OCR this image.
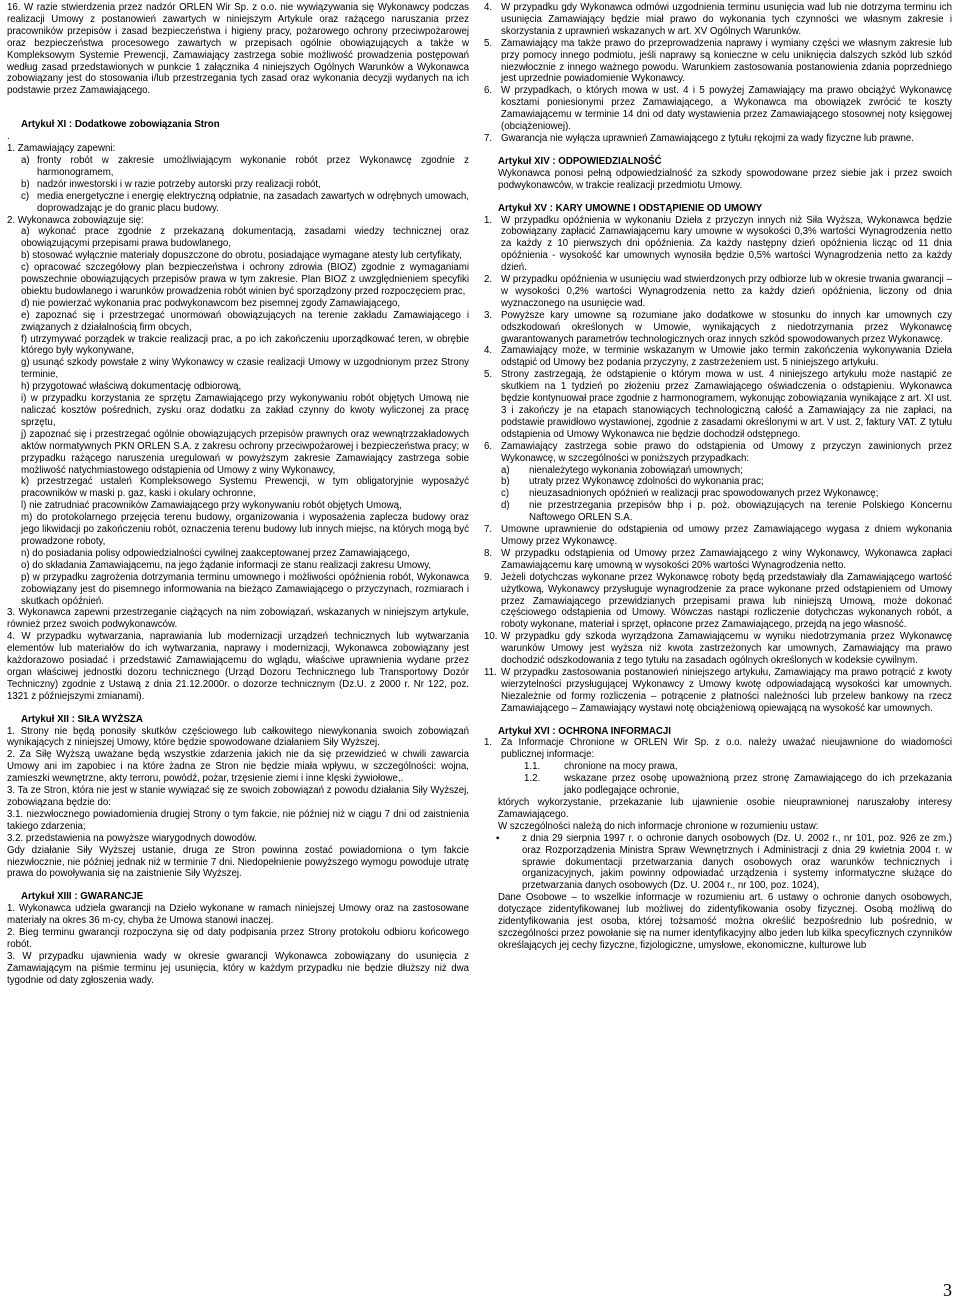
16. W razie stwierdzenia przez nadzór ORLEN Wir Sp. z o.o. nie wywiązywania się Wykonawcy podczas realizacji Umowy z postanowień zawartych w niniejszym Artykule oraz rażącego naruszania przez pracowników przepisów i zasad bezpieczeństwa i higieny pracy, pożarowego ochrony przeciwpożarowej oraz bezpieczeństwa procesowego zawartych w przepisach ogólnie obowiązujących a także w Kompleksowym Systemie Prewencji, Zamawiający zastrzega sobie możliwość prowadzenia postępowań według zasad przedstawionych w punkcie 1 załącznika 4 niniejszych Ogólnych Warunków a Wykonawca zobowiązany jest do stosowania i/lub przestrzegania tych zasad oraz wykonania decyzji wydanych na ich podstawie przez Zamawiającego.

Artykuł XI : Dodatkowe zobowiązania Stron

.

1. Zamawiający zapewni:

a) fronty robót w zakresie umożliwiającym wykonanie robót przez Wykonawcę zgodnie z harmonogramem,
b) nadzór inwestorski i w razie potrzeby autorski przy realizacji robót,
c) media energetyczne i energię elektryczną odpłatnie, na zasadach zawartych w odrębnych umowach, doprowadzając je do granic placu budowy.

2. Wykonawca zobowiązuje się:

a) wykonać prace zgodnie z przekazaną dokumentacją, zasadami wiedzy technicznej oraz obowiązującymi przepisami prawa budowlanego,

b) stosować wyłącznie materiały dopuszczone do obrotu, posiadające wymagane atesty lub certyfikaty,

c) opracować szczegółowy plan bezpieczeństwa i ochrony zdrowia (BIOZ) zgodnie z wymaganiami powszechnie obowiązujących przepisów prawa w tym zakresie. Plan BIOZ z uwzględnieniem specyfiki obiektu budowlanego i warunków prowadzenia robót winien być sporządzony przed rozpoczęciem prac,

d) nie powierzać wykonania prac podwykonawcom bez pisemnej zgody Zamawiającego,

e) zapoznać się i przestrzegać unormowań obowiązujących na terenie zakładu Zamawiającego i związanych z działalnością firm obcych,

f) utrzymywać porządek w trakcie realizacji prac, a po ich zakończeniu uporządkować teren, w obrębie którego były wykonywane,

g) usunąć szkody powstałe z winy Wykonawcy w czasie realizacji Umowy w uzgodnionym przez Strony terminie,

h) przygotować właściwą dokumentację odbiorową,

i) w przypadku korzystania ze sprzętu Zamawiającego przy wykonywaniu robót objętych Umową nie naliczać kosztów pośrednich, zysku oraz dodatku za zakład czynny do kwoty wyliczonej za pracę sprzętu,

j) zapoznać się i przestrzegać ogólnie obowiązujących przepisów prawnych oraz wewnątrzzakładowych aktów normatywnych PKN ORLEN S.A. z zakresu ochrony przeciwpożarowej i bezpieczeństwa pracy; w przypadku rażącego naruszenia uregulowań w powyższym zakresie Zamawiający zastrzega sobie możliwość natychmiastowego odstąpienia od Umowy z winy Wykonawcy,

k) przestrzegać ustaleń Kompleksowego Systemu Prewencji, w tym obligatoryjnie wyposażyć pracowników w maski p. gaz, kaski i okulary ochronne,

l) nie zatrudniać pracowników Zamawiającego przy wykonywaniu robót objętych Umową,

m) do protokolarnego przejęcia terenu budowy, organizowania i wyposażenia zaplecza budowy oraz jego likwidacji po zakończeniu robót, oznaczenia terenu budowy lub innych miejsc, na których mogą być prowadzone roboty,

n) do posiadania polisy odpowiedzialności cywilnej zaakceptowanej przez Zamawiającego,

o) do składania Zamawiającemu, na jego żądanie informacji ze stanu realizacji zakresu Umowy,

p) w przypadku zagrożenia dotrzymania terminu umownego i możliwości opóźnienia robót, Wykonawca zobowiązany jest do pisemnego informowania na bieżąco Zamawiającego o przyczynach, rozmiarach i skutkach opóźnień.

3. Wykonawca zapewni przestrzeganie ciążących na nim zobowiązań, wskazanych w niniejszym artykule, również przez swoich podwykonawców.

4. W przypadku wytwarzania, naprawiania lub modernizacji urządzeń technicznych lub wytwarzania elementów lub materiałów do ich wytwarzania, naprawy i modernizacji, Wykonawca zobowiązany jest każdorazowo posiadać i przedstawić Zamawiającemu do wglądu, właściwe uprawnienia wydane przez organ właściwej jednostki dozoru technicznego (Urząd Dozoru Technicznego lub Transportowy Dozór Techniczny) zgodnie z Ustawą z dnia 21.12.2000r. o dozorze technicznym (Dz.U. z 2000 r. Nr 122, poz. 1321 z późniejszymi zmianami).

Artykuł XII : SIŁA WYŻSZA

1. Strony nie będą ponosiły skutków częściowego lub całkowitego niewykonania swoich zobowiązań wynikających z niniejszej Umowy, które będzie spowodowane działaniem Siły Wyższej.

2. Za Siłę Wyższą uważane będą wszystkie zdarzenia jakich nie da się przewidzieć w chwili zawarcia Umowy ani im zapobiec i na które żadna ze Stron nie będzie miała wpływu, w szczególności: wojna, zamieszki wewnętrzne, akty terroru, powódź, pożar, trzęsienie ziemi i inne klęski żywiołowe,.

3. Ta ze Stron, która nie jest w stanie wywiązać się ze swoich zobowiązań z powodu działania Siły Wyższej, zobowiązana będzie do:

3.1. niezwłocznego powiadomienia drugiej Strony o tym fakcie, nie później niż w ciągu 7 dni od zaistnienia takiego zdarzenia;

3.2. przedstawienia na powyższe wiarygodnych dowodów.

Gdy działanie Siły Wyższej ustanie, druga ze Stron powinna zostać powiadomiona o tym fakcie niezwłocznie, nie później jednak niż w terminie 7 dni. Niedopełnienie powyższego wymogu powoduje utratę prawa do powoływania się na zaistnienie Siły Wyższej.

Artykuł XIII : GWARANCJE

1. Wykonawca udziela gwarancji na Dzieło wykonane w ramach niniejszej Umowy oraz na zastosowane materiały na okres 36 m-cy, chyba że Umowa stanowi inaczej.

2. Bieg terminu gwarancji rozpoczyna się od daty podpisania przez Strony protokołu odbioru końcowego robót.

3. W przypadku ujawnienia wady w okresie gwarancji Wykonawca zobowiązany do usunięcia z Zamawiającym na piśmie terminu jej usunięcia, który w każdym przypadku nie będzie dłuższy niż dwa tygodnie od daty zgłoszenia wady.

4. W przypadku gdy Wykonawca odmówi uzgodnienia terminu usunięcia wad lub nie dotrzyma terminu ich usunięcia Zamawiający będzie miał prawo do wykonania tych czynności we własnym zakresie i skorzystania z uprawnień wskazanych w art. XV Ogólnych Warunków.
5. Zamawiający ma także prawo do przeprowadzenia naprawy i wymiany części we własnym zakresie lub przy pomocy innego podmiotu, jeśli naprawy są konieczne w celu uniknięcia dalszych szkód lub szkód niezwłocznie z innego ważnego powodu. Warunkiem zastosowania postanowienia zdania poprzedniego jest uprzednie powiadomienie Wykonawcy.
6. W przypadkach, o których mowa w ust. 4 i 5 powyżej Zamawiający ma prawo obciążyć Wykonawcę kosztami poniesionymi przez Zamawiającego, a Wykonawca ma obowiązek zwrócić te koszty Zamawiającemu w terminie 14 dni od daty wystawienia przez Zamawiającego stosownej noty księgowej (obciążeniowej).
7. Gwarancja nie wyłącza uprawnień Zamawiającego z tytułu rękojmi za wady fizyczne lub prawne.

Artykuł XIV : ODPOWIEDZIALNOŚĆ

Wykonawca ponosi pełną odpowiedzialność za szkody spowodowane przez siebie jak i przez swoich podwykonawców, w trakcie realizacji przedmiotu Umowy.

Artykuł XV : KARY UMOWNE I ODSTĄPIENIE OD UMOWY

1. W przypadku opóźnienia w wykonaniu Dzieła z przyczyn innych niż Siła Wyższa, Wykonawca będzie zobowiązany zapłacić Zamawiającemu kary umowne w wysokości 0,3% wartości Wynagrodzenia netto za każdy z 10 pierwszych dni opóźnienia. Za każdy następny dzień opóźnienia licząc od 11 dnia opóźnienia - wysokość kar umownych wynosiła będzie 0,5% wartości Wynagrodzenia netto za każdy dzień.
2. W przypadku opóźnienia w usunięciu wad stwierdzonych przy odbiorze lub w okresie trwania gwarancji – w wysokości 0,2% wartości Wynagrodzenia netto za każdy dzień opóźnienia, liczony od dnia wyznaczonego na usunięcie wad.
3. Powyższe kary umowne są rozumiane jako dodatkowe w stosunku do innych kar umownych czy odszkodowań określonych w Umowie, wynikających z niedotrzymania przez Wykonawcę gwarantowanych parametrów technologicznych oraz innych szkód spowodowanych przez Wykonawcę.
4. Zamawiający może, w terminie wskazanym w Umowie jako termin zakończenia wykonywania Dzieła odstąpić od Umowy bez podania przyczyny, z zastrzeżeniem ust. 5 niniejszego artykułu.
5. Strony zastrzegają, że odstąpienie o którym mowa w ust. 4 niniejszego artykułu może nastąpić ze skutkiem na 1 tydzień po złożeniu przez Zamawiającego oświadczenia o odstąpieniu. Wykonawca będzie kontynuował prace zgodnie z harmonogramem, wykonując zobowiązania wynikające z art. XI ust. 3 i zakończy je na etapach stanowiących technologiczną całość a Zamawiający za nie zapłaci, na podstawie prawidłowo wystawionej, zgodnie z zasadami określonymi w art. V ust. 2, faktury VAT. Z tytułu odstąpienia od Umowy Wykonawca nie będzie dochodził odstępnego.
6. Zamawiający zastrzega sobie prawo do odstąpienia od Umowy z przyczyn zawinionych przez Wykonawcę, w szczególności w poniższych przypadkach:
a)	nienależytego wykonania zobowiązań umownych;
b)	utraty przez Wykonawcę zdolności do wykonania prac;
c)	nieuzasadnionych opóźnień w realizacji prac spowodowanych przez Wykonawcę;
d)	nie przestrzegania przepisów bhp i p. poż. obowiązujących na terenie Polskiego Koncernu Naftowego ORLEN S.A.
7. Umowne uprawnienie do odstąpienia od umowy przez Zamawiającego wygasa z dniem wykonania Umowy przez Wykonawcę.
8. W przypadku odstąpienia od Umowy przez Zamawiającego z winy Wykonawcy, Wykonawca zapłaci Zamawiającemu karę umowną w wysokości 20% wartości Wynagrodzenia netto.
9. Jeżeli dotychczas wykonane przez Wykonawcę roboty będą przedstawiały dla Zamawiającego wartość użytkową, Wykonawcy przysługuje wynagrodzenie za prace wykonane przed odstąpieniem od Umowy przez Zamawiającego przewidzianych przepisami prawa lub niniejszą Umową, może dokonać częściowego odstąpienia od Umowy. Wówczas nastąpi rozliczenie dotychczas wykonanych robót, a roboty wykonane, materiał i sprzęt, opłacone przez Zamawiającego, przejdą na jego własność.
10. W przypadku gdy szkoda wyrządzona Zamawiającemu w wyniku niedotrzymania przez Wykonawcę warunków Umowy jest wyższa niż kwota zastrzeżonych kar umownych, Zamawiający ma prawo dochodzić odszkodowania z tego tytułu na zasadach ogólnych określonych w kodeksie cywilnym.
11. W przypadku zastosowania postanowień niniejszego artykułu, Zamawiający ma prawo potrącić z kwoty wierzytelności przysługującej Wykonawcy z Umowy kwotę odpowiadającą wysokości kar umownych. Niezależnie od formy rozliczenia – potrącenie z płatności należności lub przelew bankowy na rzecz Zamawiającego – Zamawiający wystawi notę obciążeniową opiewającą na wysokość kar umownych.

Artykuł XVI : OCHRONA INFORMACJI

1. Za Informacje Chronione w ORLEN Wir Sp. z o.o. należy uważać nieujawnione do wiadomości publicznej informacje:
1.1.	chronione na mocy prawa,
1.2.	wskazane przez osobę upoważnioną przez stronę Zamawiającego do ich przekazania jako podlegające ochronie,

których wykorzystanie, przekazanie lub ujawnienie osobie nieuprawnionej naruszałoby interesy Zamawiającego.

W szczególności należą do nich informacje chronione w rozumieniu ustaw:

▪	z dnia 29 sierpnia 1997 r. o ochronie danych osobowych (Dz. U. 2002 r., nr 101, poz. 926 ze zm.) oraz Rozporządzenia Ministra Spraw Wewnętrznych i Administracji z dnia 29 kwietnia 2004 r. w sprawie dokumentacji przetwarzania danych osobowych oraz warunków technicznych i organizacyjnych, jakim powinny odpowiadać urządzenia i systemy informatyczne służące do przetwarzania danych osobowych (Dz. U. 2004 r., nr 100, poz. 1024),

Dane Osobowe – to wszelkie informacje w rozumieniu art. 6 ustawy o ochronie danych osobowych, dotyczące zidentyfikowanej lub możliwej do zidentyfikowania osoby fizycznej. Osobą możliwą do zidentyfikowania jest osoba, której tożsamość można określić bezpośrednio lub pośrednio, w szczególności przez powołanie się na numer identyfikacyjny albo jeden lub kilka specyficznych czynników określających jej cechy fizyczne, fizjologiczne, umysłowe, ekonomiczne, kulturowe lub

3
